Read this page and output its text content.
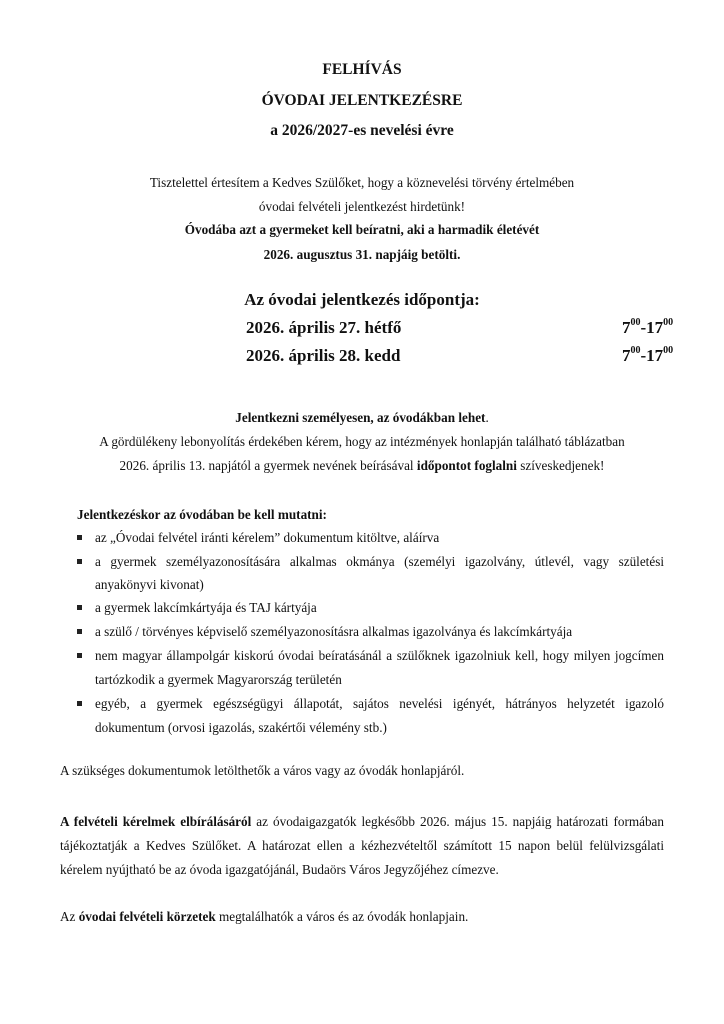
FELHÍVÁS
ÓVODAI JELENTKEZÉSRE
a 2026/2027-es nevelési évre
Tisztelettel értesítem a Kedves Szülőket, hogy a köznevelési törvény értelmében
óvodai felvételi jelentkezést hirdetünk!
Óvodába azt a gyermeket kell beíratni, aki a harmadik életévét
2026. augusztus 31. napjáig betölti.
Az óvodai jelentkezés időpontja:
2026. április 27. hétfő	$7^{00}-17^{00}$
2026. április 28. kedd	$7^{00}-17^{00}$
Jelentkezni személyesen, az óvodákban lehet.
A gördülékeny lebonyolítás érdekében kérem, hogy az intézmények honlapján található táblázatban
2026. április 13. napjától a gyermek nevének beírásával időpontot foglalni szíveskedjenek!
Jelentkezéskor az óvodában be kell mutatni:
az „Óvodai felvétel iránti kérelem” dokumentum kitöltve, aláírva
a gyermek személyazonosítására alkalmas okmánya (személyi igazolvány, útlevél, vagy születési
anyakönyvi kivonat)
a gyermek lakcímkártyája és TAJ kártyája
a szülő / törvényes képviselő személyazonosításra alkalmas igazolványa és lakcímkártyája
nem magyar állampolgár kiskorú óvodai beíratásánál a szülőknek igazolniuk kell, hogy milyen jogcímen
tartózkodik a gyermek Magyarország területén
egyéb, a gyermek egészségügyi állapotát, sajátos nevelési igényét, hátrányos helyzetét igazoló
dokumentum (orvosi igazolás, szakértői vélemény stb.)
A szükséges dokumentumok letölthetők a város vagy az óvodák honlapjáról.
A felvételi kérelmek elbírálásáról az óvodaigazgatók legkésőbb 2026. május 15. napjáig határozati formában
tájékoztatják a Kedves Szülőket. A határozat ellen a kézhezvételtől számított 15 napon belül felülvizsgálati
kérelem nyújtható be az óvoda igazgatójánál, Budaörs Város Jegyzőjéhez címezve.
Az óvodai felvételi körzetek megtalálhatók a város és az óvodák honlapjain.
